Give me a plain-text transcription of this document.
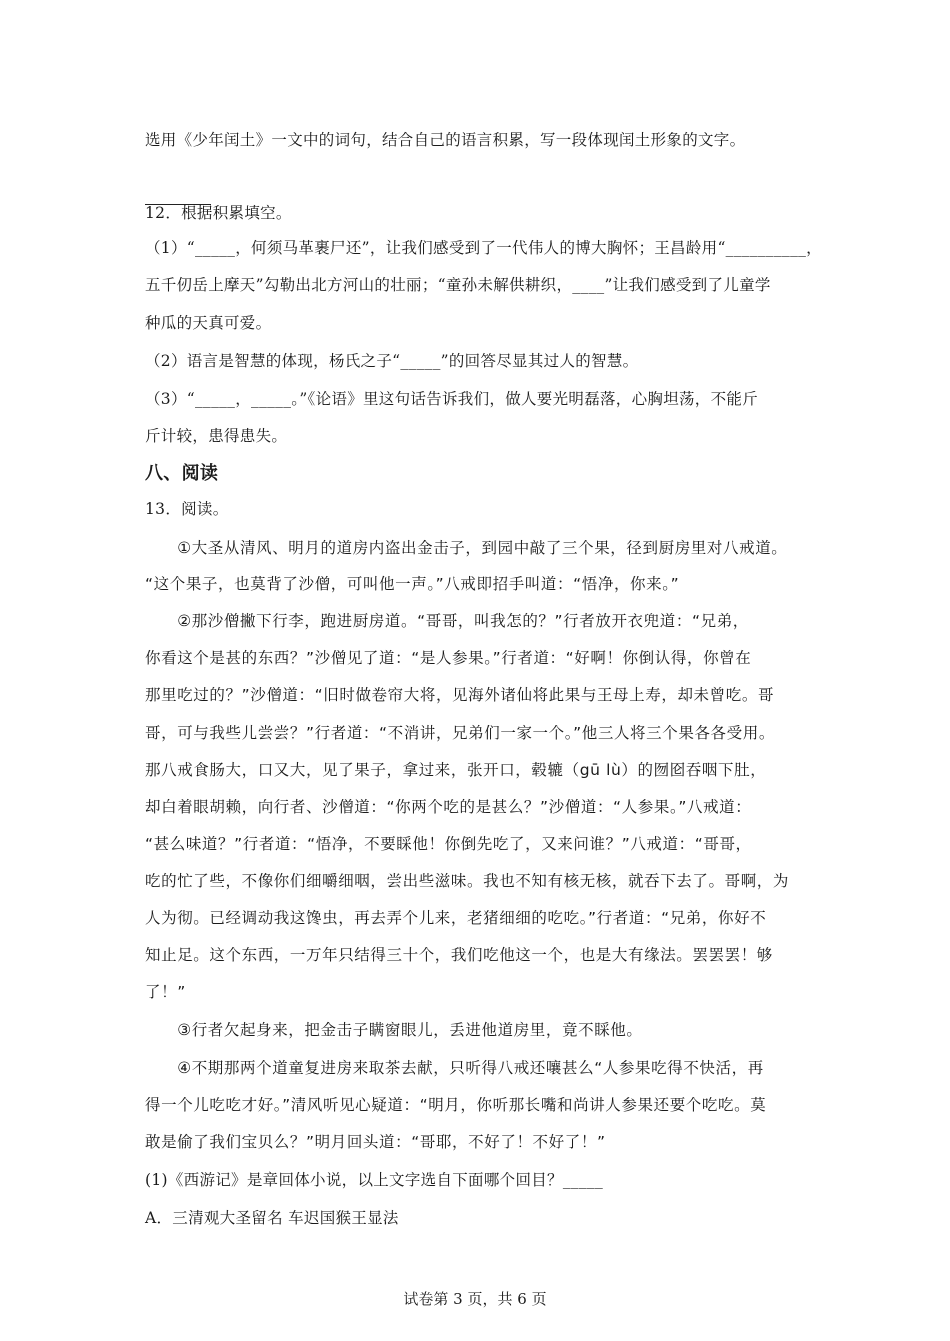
选用《少年闰土》一文中的词句，结合自己的语言积累，写一段体现闰土形象的文字。
12．根据积累填空。
（1）“_____，何须马革裹尸还”，让我们感受到了一代伟人的博大胸怀；王昌龄用“__________，
五千仞岳上摩天”勾勒出北方河山的壮丽；“童孙未解供耕织，____”让我们感受到了儿童学
种瓜的天真可爱。
（2）语言是智慧的体现，杨氏之子“_____”的回答尽显其过人的智慧。
（3）“_____，_____。”《论语》里这句话告诉我们，做人要光明磊落，心胸坦荡，不能斤
斤计较，患得患失。
八、阅读
13．阅读。
　　①大圣从清风、明月的道房内盗出金击子，到园中敲了三个果，径到厨房里对八戒道。
“这个果子，也莫背了沙僧，可叫他一声。”八戒即招手叫道：“悟净，你来。”
　　②那沙僧撇下行李，跑进厨房道。“哥哥，叫我怎的？”行者放开衣兜道：“兄弟，
你看这个是甚的东西？”沙僧见了道：“是人参果。”行者道：“好啊！你倒认得，你曾在
那里吃过的？”沙僧道：“旧时做卷帘大将，见海外诸仙将此果与王母上寿，却未曾吃。哥
哥，可与我些儿尝尝？”行者道：“不消讲，兄弟们一家一个。”他三人将三个果各各受用。
那八戒食肠大，口又大，见了果子，拿过来，张开口，毂辘（gū lù）的囫囵吞咽下肚，
却白着眼胡赖，向行者、沙僧道：“你两个吃的是甚么？”沙僧道：“人参果。”八戒道：
“甚么味道？”行者道：“悟净，不要睬他！你倒先吃了，又来问谁？”八戒道：“哥哥，
吃的忙了些，不像你们细嚼细咽，尝出些滋味。我也不知有核无核，就吞下去了。哥啊，为
人为彻。已经调动我这馋虫，再去弄个儿来，老猪细细的吃吃。”行者道：“兄弟，你好不
知止足。这个东西，一万年只结得三十个，我们吃他这一个，也是大有缘法。罢罢罢！够
了！”
　　③行者欠起身来，把金击子瞒窗眼儿，丢进他道房里，竟不睬他。
　　④不期那两个道童复进房来取茶去献，只听得八戒还嚷甚么“人参果吃得不快活，再
得一个儿吃吃才好。”清风听见心疑道：“明月，你听那长嘴和尚讲人参果还要个吃吃。莫
敢是偷了我们宝贝么？”明月回头道：“哥耶，不好了！不好了！”
(1)《西游记》是章回体小说，以上文字选自下面哪个回目？_____
A．三清观大圣留名 车迟国猴王显法
试卷第 3 页，共 6 页
